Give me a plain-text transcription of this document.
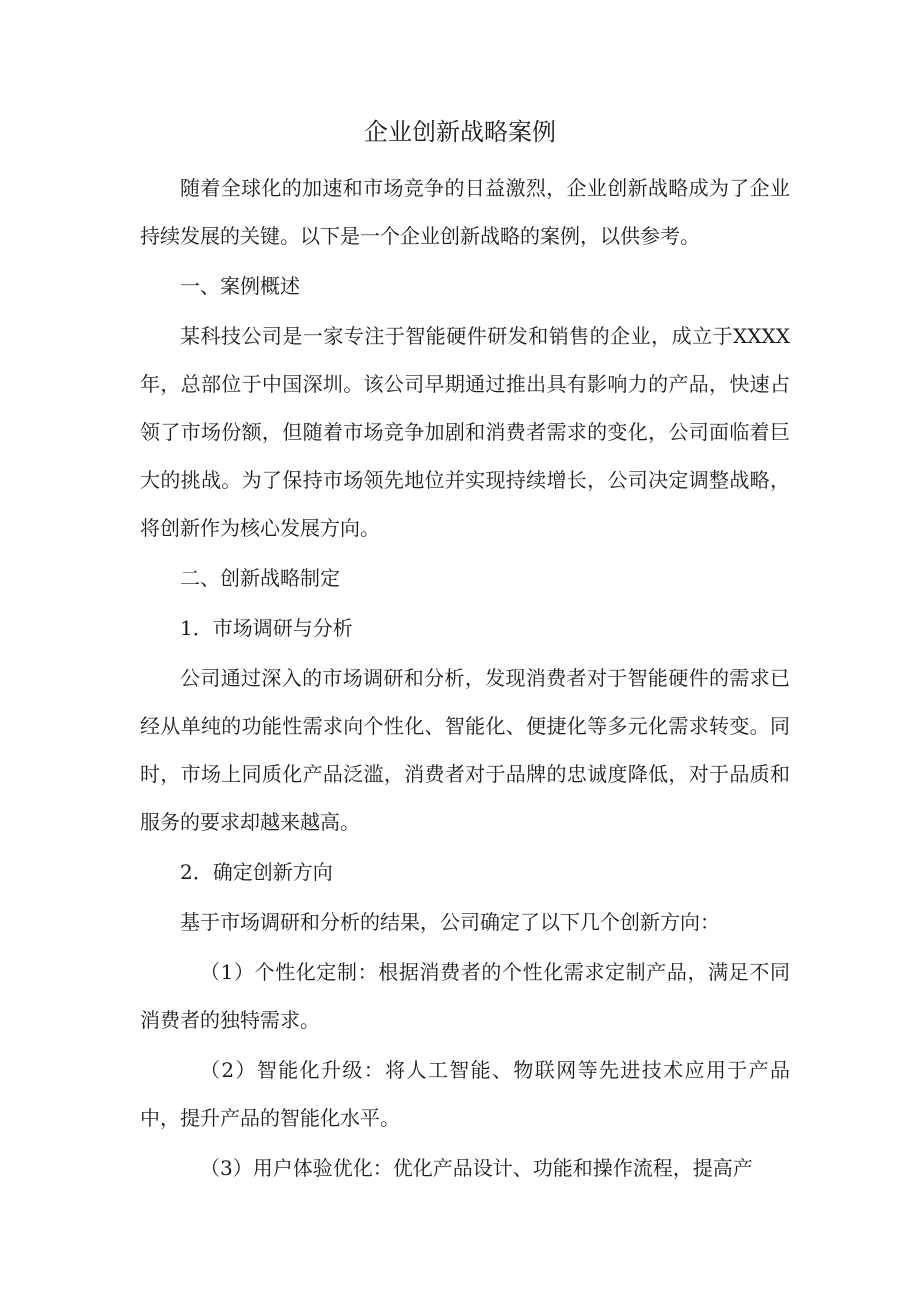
企业创新战略案例

随着全球化的加速和市场竞争的日益激烈，企业创新战略成为了企业持续发展的关键。以下是一个企业创新战略的案例，以供参考。

一、案例概述

某科技公司是一家专注于智能硬件研发和销售的企业，成立于XXXX年，总部位于中国深圳。该公司早期通过推出具有影响力的产品，快速占领了市场份额，但随着市场竞争加剧和消费者需求的变化，公司面临着巨大的挑战。为了保持市场领先地位并实现持续增长，公司决定调整战略，将创新作为核心发展方向。

二、创新战略制定

1．市场调研与分析

公司通过深入的市场调研和分析，发现消费者对于智能硬件的需求已经从单纯的功能性需求向个性化、智能化、便捷化等多元化需求转变。同时，市场上同质化产品泛滥，消费者对于品牌的忠诚度降低，对于品质和服务的要求却越来越高。

2．确定创新方向

基于市场调研和分析的结果，公司确定了以下几个创新方向：

（1）个性化定制：根据消费者的个性化需求定制产品，满足不同消费者的独特需求。

（2）智能化升级：将人工智能、物联网等先进技术应用于产品中，提升产品的智能化水平。

（3）用户体验优化：优化产品设计、功能和操作流程，提高产
